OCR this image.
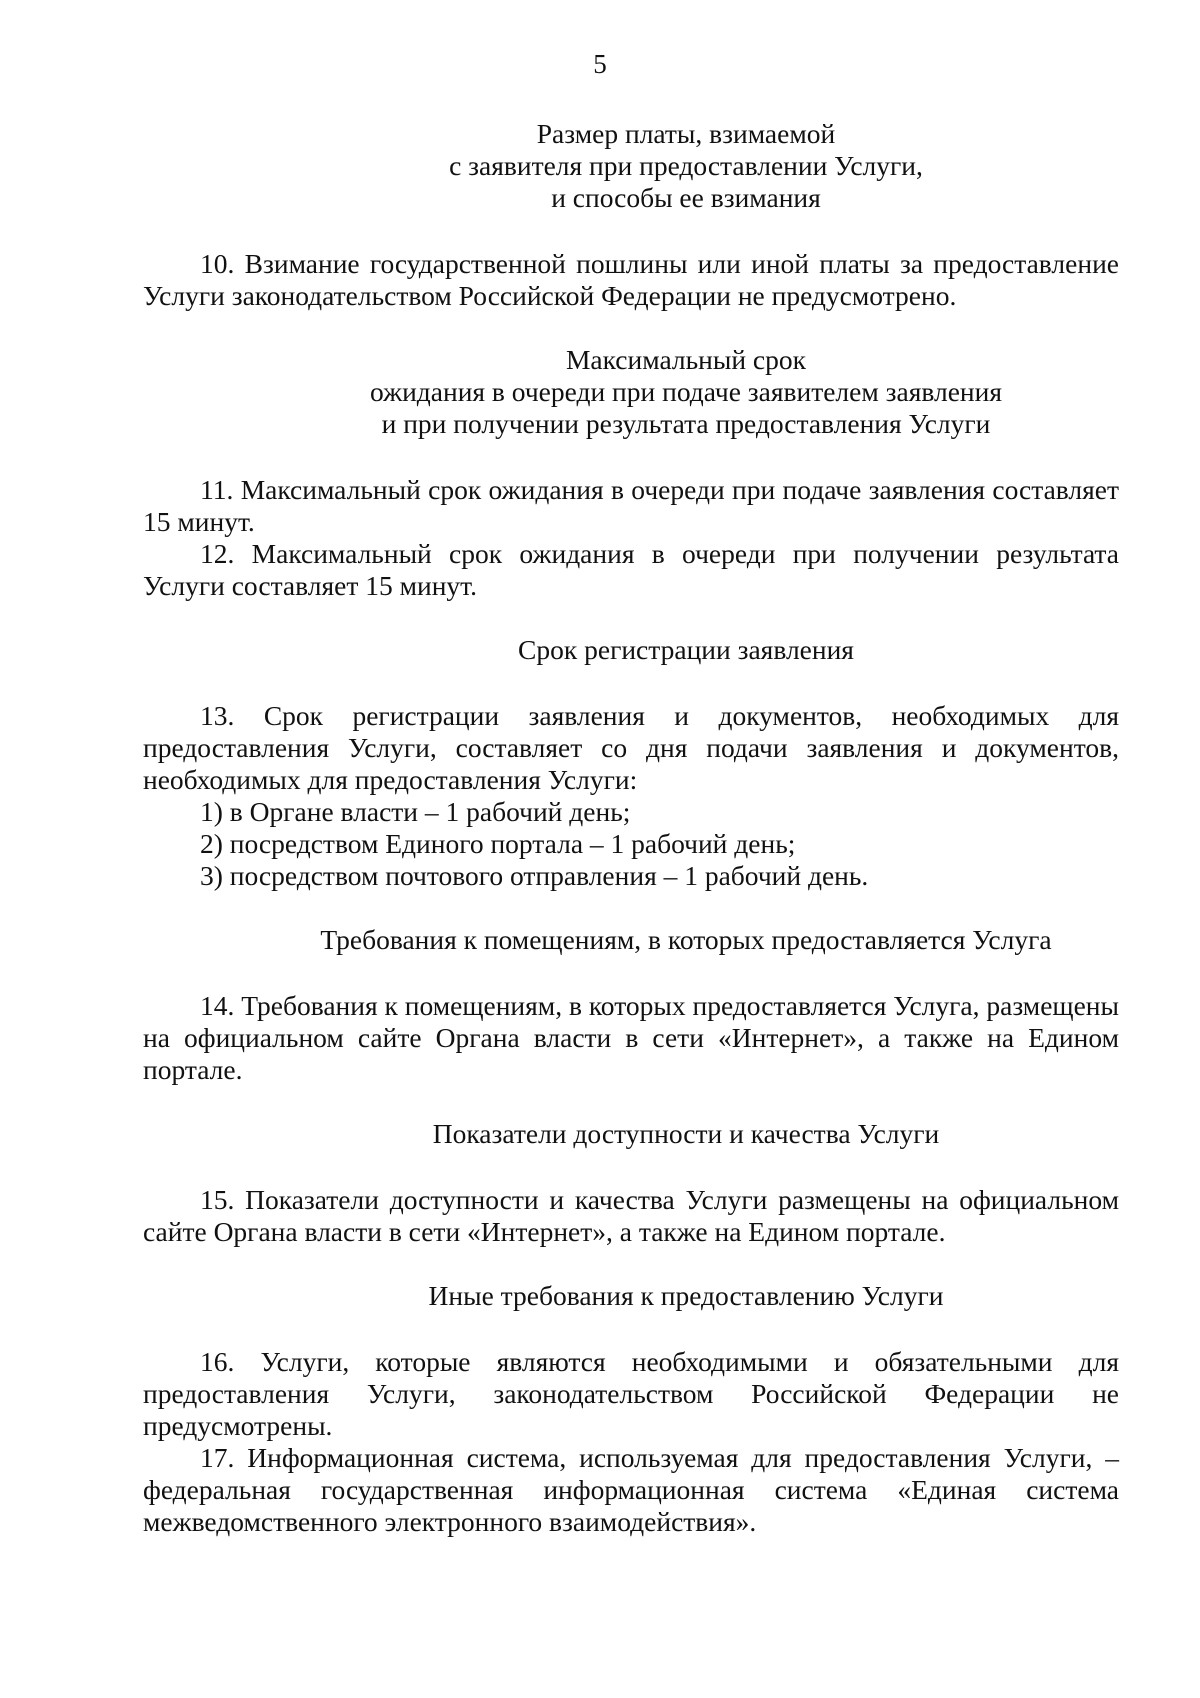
5
Размер платы, взимаемой
с заявителя при предоставлении Услуги,
и способы ее взимания

10. Взимание государственной пошлины или иной платы за предоставление Услуги законодательством Российской Федерации не предусмотрено.

Максимальный срок
ожидания в очереди при подаче заявителем заявления
и при получении результата предоставления Услуги

11. Максимальный срок ожидания в очереди при подаче заявления составляет 15 минут.

12. Максимальный срок ожидания в очереди при получении результата Услуги составляет 15 минут.

Срок регистрации заявления

13. Срок регистрации заявления и документов, необходимых для предоставления Услуги, составляет со дня подачи заявления и документов, необходимых для предоставления Услуги:

1) в Органе власти – 1 рабочий день;

2) посредством Единого портала – 1 рабочий день;

3) посредством почтового отправления – 1 рабочий день.

Требования к помещениям, в которых предоставляется Услуга

14. Требования к помещениям, в которых предоставляется Услуга, размещены на официальном сайте Органа власти в сети «Интернет», а также на Едином портале.

Показатели доступности и качества Услуги

15. Показатели доступности и качества Услуги размещены на официальном сайте Органа власти в сети «Интернет», а также на Едином портале.

Иные требования к предоставлению Услуги

16. Услуги, которые являются необходимыми и обязательными для предоставления Услуги, законодательством Российской Федерации не предусмотрены.

17. Информационная система, используемая для предоставления Услуги, – федеральная государственная информационная система «Единая система межведомственного электронного взаимодействия».
